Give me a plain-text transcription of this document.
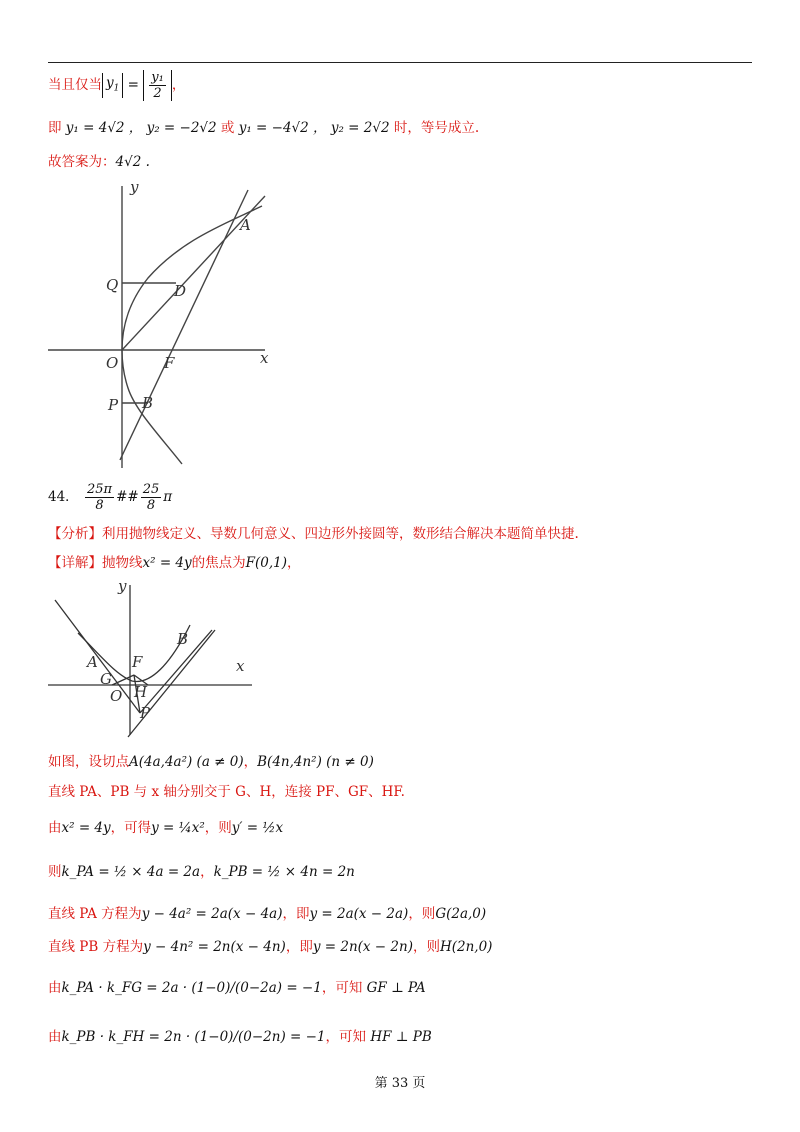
当且仅当 $y_1 = \frac{\text{y₁}}{2}$ ，
即 y₁ = 4√2 ， y₂ = −2√2 或 y₁ = −4√2 ， y₂ = 2√2 时，等号成立.
故答案为：4√2 .
y
x
O	F
A
Q	D
P B
44． $\frac{25\pi}{8}$ ## $\frac{25}{8}$ π
【分析】利用抛物线定义、导数几何意义、四边形外接圆等，数形结合解决本题简单快捷.
【详解】抛物线x² = 4y的焦点为F(0,1)，
y
x
A
B
F
G
O H
P
如图，设切点A(4a,4a²) (a ≠ 0)，B(4n,4n²) (n ≠ 0)
直线 PA、PB 与 x 轴分别交于 G、H，连接 PF、GF、HF.
由x² = 4y，可得y = ¼x²，则y′ = ½x
则k_PA = ½ × 4a = 2a，k_PB = ½ × 4n = 2n
直线 PA 方程为y − 4a² = 2a(x − 4a)，即y = 2a(x − 2a)，则G(2a,0)
直线 PB 方程为y − 4n² = 2n(x − 4n)，即y = 2n(x − 2n)，则H(2n,0)
由k_PA · k_FG = 2a · (1−0)/(0−2a) = −1，可知 GF ⊥ PA
由k_PB · k_FH = 2n · (1−0)/(0−2n) = −1，可知 HF ⊥ PB
第 33 页
